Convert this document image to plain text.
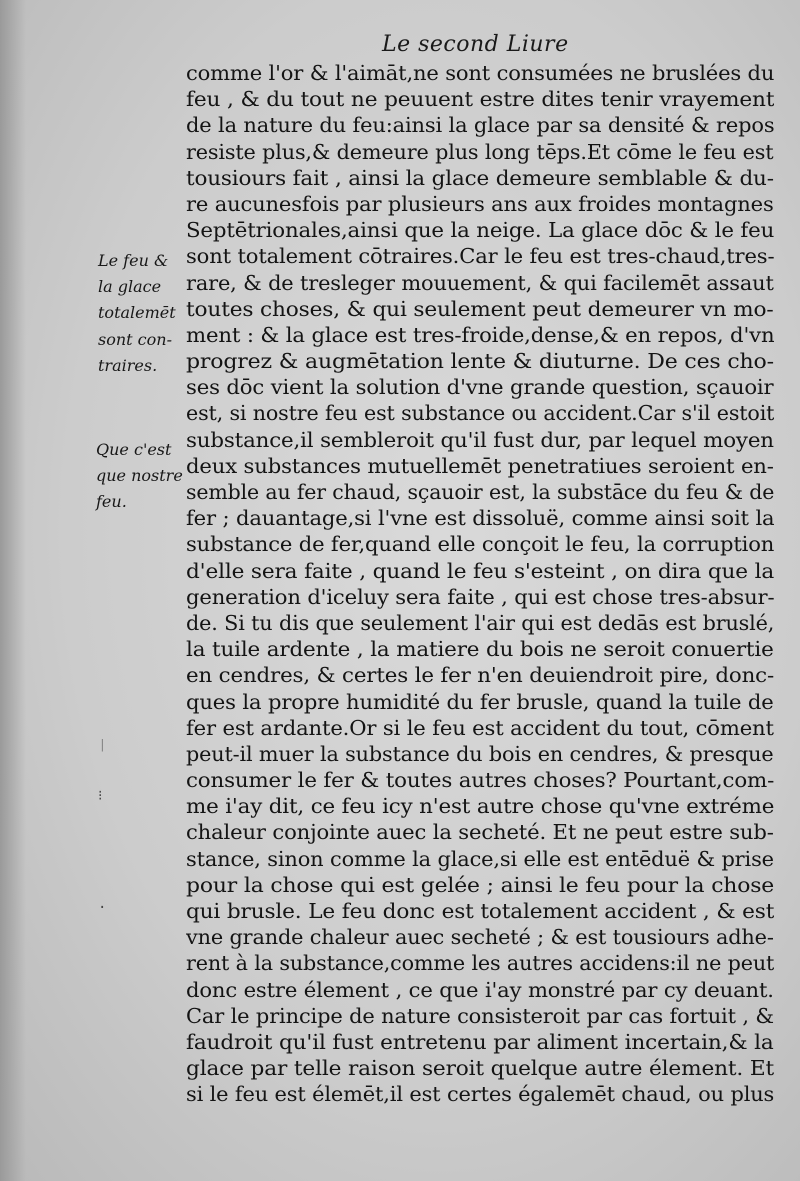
Le second Liure
Le feu &
la glace
totalemēt
sont con-
traires.
Que c'est
que nostre
feu.
ᛁ
⁝
·
comme l'or & l'aimāt,ne sont consumées ne bruslées du
feu , & du tout ne peuuent estre dites tenir vrayement
de la nature du feu:ainsi la glace par sa densité & repos
resiste plus,& demeure plus long tēps.Et cōme le feu est
tousiours fait , ainsi la glace demeure semblable & du-
re aucunesfois par plusieurs ans aux froides montagnes
Septētrionales,ainsi que la neige. La glace dōc & le feu
sont totalement cōtraires.Car le feu est tres-chaud,tres-
rare, & de tresleger mouuement, & qui facilemēt assaut
toutes choses, & qui seulement peut demeurer vn mo-
ment : & la glace est tres-froide,dense,& en repos, d'vn
progrez & augmētation lente & diuturne. De ces cho-
ses dōc vient la solution d'vne grande question, sçauoir
est, si nostre feu est substance ou accident.Car s'il estoit
substance,il sembleroit qu'il fust dur, par lequel moyen
deux substances mutuellemēt penetratiues seroient en-
semble au fer chaud, sçauoir est, la substāce du feu & de
fer ; dauantage,si l'vne est dissoluë, comme ainsi soit la
substance de fer,quand elle conçoit le feu, la corruption
d'elle sera faite , quand le feu s'esteint , on dira que la
generation d'iceluy sera faite , qui est chose tres-absur-
de. Si tu dis que seulement l'air qui est dedās est bruslé,
la tuile ardente , la matiere du bois ne seroit conuertie
en cendres, & certes le fer n'en deuiendroit pire, donc-
ques la propre humidité du fer brusle, quand la tuile de
fer est ardante.Or si le feu est accident du tout, cōment
peut-il muer la substance du bois en cendres, & presque
consumer le fer & toutes autres choses? Pourtant,com-
me i'ay dit, ce feu icy n'est autre chose qu'vne extréme
chaleur conjointe auec la secheté. Et ne peut estre sub-
stance, sinon comme la glace,si elle est entēduë & prise
pour la chose qui est gelée ; ainsi le feu pour la chose
qui brusle. Le feu donc est totalement accident , & est
vne grande chaleur auec secheté ; & est tousiours adhe-
rent à la substance,comme les autres accidens:il ne peut
donc estre élement , ce que i'ay monstré par cy deuant.
Car le principe de nature consisteroit par cas fortuit , &
faudroit qu'il fust entretenu par aliment incertain,& la
glace par telle raison seroit quelque autre élement. Et
si le feu est élemēt,il est certes égalemēt chaud, ou plus
